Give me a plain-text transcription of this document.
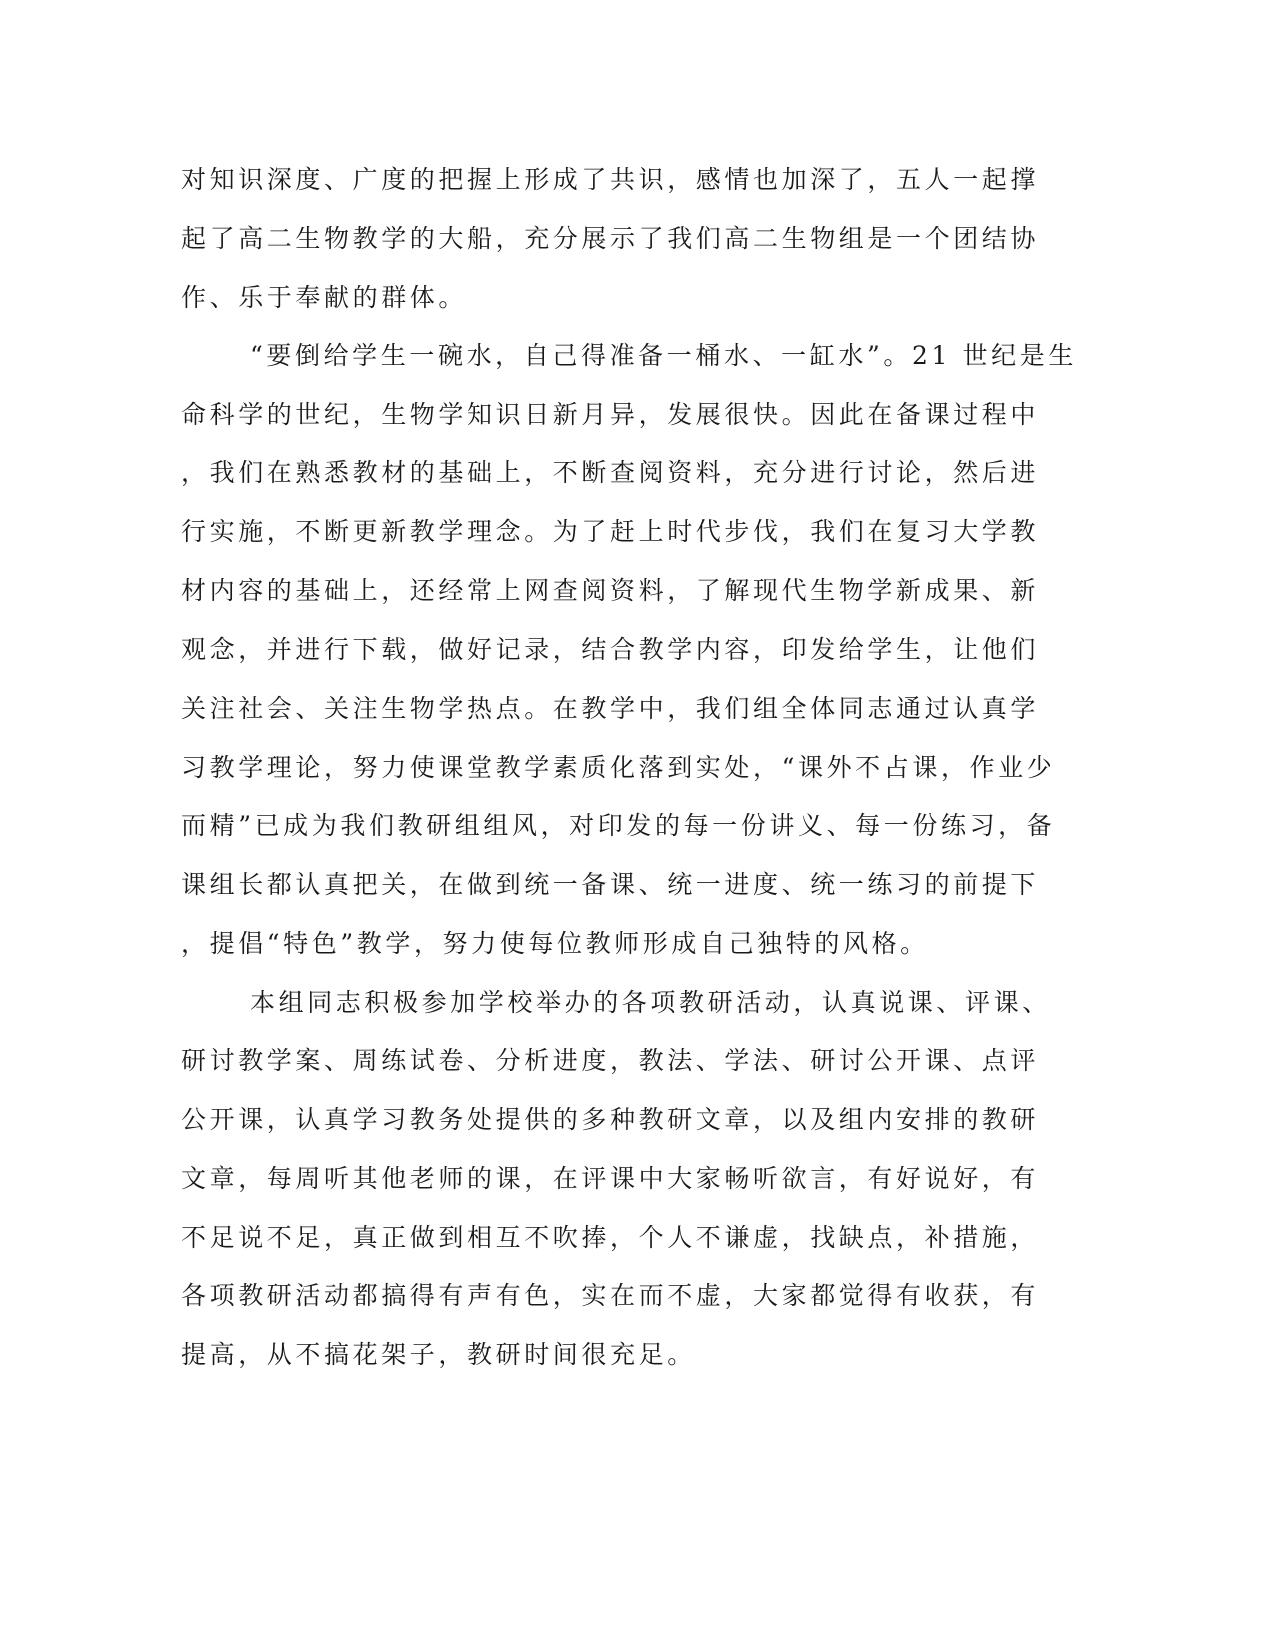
对知识深度、广度的把握上形成了共识，感情也加深了，五人一起撑

起了高二生物教学的大船，充分展示了我们高二生物组是一个团结协

作、乐于奉献的群体。

“要倒给学生一碗水，自己得准备一桶水、一缸水”。21 世纪是生

命科学的世纪，生物学知识日新月异，发展很快。因此在备课过程中

，我们在熟悉教材的基础上，不断查阅资料，充分进行讨论，然后进

行实施，不断更新教学理念。为了赶上时代步伐，我们在复习大学教

材内容的基础上，还经常上网查阅资料，了解现代生物学新成果、新

观念，并进行下载，做好记录，结合教学内容，印发给学生，让他们

关注社会、关注生物学热点。在教学中，我们组全体同志通过认真学

习教学理论，努力使课堂教学素质化落到实处，“课外不占课，作业少

而精”已成为我们教研组组风，对印发的每一份讲义、每一份练习，备

课组长都认真把关，在做到统一备课、统一进度、统一练习的前提下

，提倡“特色”教学，努力使每位教师形成自己独特的风格。

本组同志积极参加学校举办的各项教研活动，认真说课、评课、

研讨教学案、周练试卷、分析进度，教法、学法、研讨公开课、点评

公开课，认真学习教务处提供的多种教研文章，以及组内安排的教研

文章，每周听其他老师的课，在评课中大家畅听欲言，有好说好，有

不足说不足，真正做到相互不吹捧，个人不谦虚，找缺点，补措施，

各项教研活动都搞得有声有色，实在而不虚，大家都觉得有收获，有

提高，从不搞花架子，教研时间很充足。
